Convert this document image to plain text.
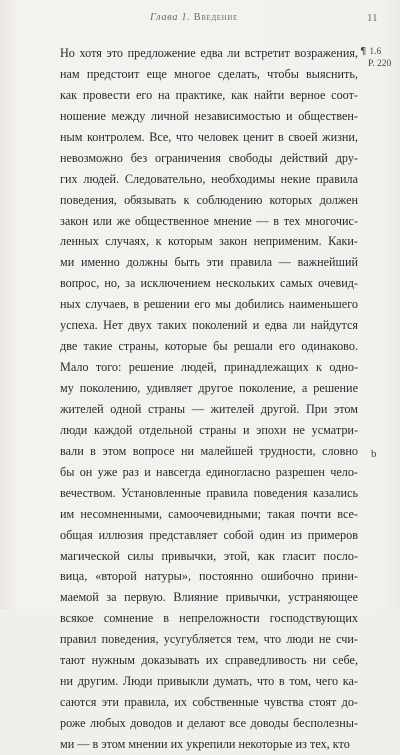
Глава 1. Введение	11
¶ 1.6
P. 220
b
Но хотя это предложение едва ли встретит возражения,
нам предстоит еще многое сделать, чтобы выяснить,
как провести его на практике, как найти верное соот-
ношение между личной независимостью и обществен-
ным контролем. Все, что человек ценит в своей жизни,
невозможно без ограничения свободы действий дру-
гих людей. Следовательно, необходимы некие правила
поведения, обязывать к соблюдению которых должен
закон или же общественное мнение — в тех многочис-
ленных случаях, к которым закон неприменим. Каки-
ми именно должны быть эти правила — важнейший
вопрос, но, за исключением нескольких самых очевид-
ных случаев, в решении его мы добились наименьшего
успеха. Нет двух таких поколений и едва ли найдутся
две такие страны, которые бы решали его одинаково.
Мало того: решение людей, принадлежащих к одно-
му поколению, удивляет другое поколение, а решение
жителей одной страны — жителей другой. При этом
люди каждой отдельной страны и эпохи не усматри-
вали в этом вопросе ни малейшей трудности, словно
бы он уже раз и навсегда единогласно разрешен чело-
вечеством. Установленные правила поведения казались
им несомненными, самоочевидными; такая почти все-
общая иллюзия представляет собой один из примеров
магической силы привычки, этой, как гласит посло-
вица, «второй натуры», постоянно ошибочно прини-
маемой за первую. Влияние привычки, устраняющее
всякое сомнение в непреложности господствующих
правил поведения, усугубляется тем, что люди не счи-
тают нужным доказывать их справедливость ни себе,
ни другим. Люди привыкли думать, что в том, чего ка-
саются эти правила, их собственные чувства стоят до-
роже любых доводов и делают все доводы бесполезны-
ми — в этом мнении их укрепили некоторые из тех, кто
